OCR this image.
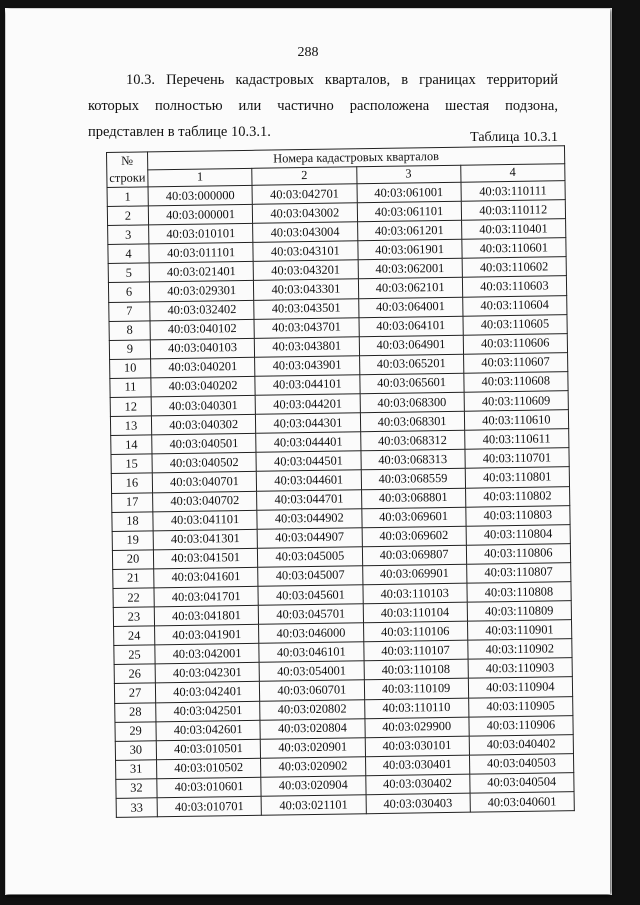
288
10.3. Перечень кадастровых кварталов, в границах территорий которых полностью или частично расположена шестая подзона, представлен в таблице 10.3.1.	Таблица 10.3.1
№
строки	Номера кадастровых кварталов			
	1	2	3	4
1	40:03:000000	40:03:042701	40:03:061001	40:03:110111
2	40:03:000001	40:03:043002	40:03:061101	40:03:110112
3	40:03:010101	40:03:043004	40:03:061201	40:03:110401
4	40:03:011101	40:03:043101	40:03:061901	40:03:110601
5	40:03:021401	40:03:043201	40:03:062001	40:03:110602
6	40:03:029301	40:03:043301	40:03:062101	40:03:110603
7	40:03:032402	40:03:043501	40:03:064001	40:03:110604
8	40:03:040102	40:03:043701	40:03:064101	40:03:110605
9	40:03:040103	40:03:043801	40:03:064901	40:03:110606
10	40:03:040201	40:03:043901	40:03:065201	40:03:110607
11	40:03:040202	40:03:044101	40:03:065601	40:03:110608
12	40:03:040301	40:03:044201	40:03:068300	40:03:110609
13	40:03:040302	40:03:044301	40:03:068301	40:03:110610
14	40:03:040501	40:03:044401	40:03:068312	40:03:110611
15	40:03:040502	40:03:044501	40:03:068313	40:03:110701
16	40:03:040701	40:03:044601	40:03:068559	40:03:110801
17	40:03:040702	40:03:044701	40:03:068801	40:03:110802
18	40:03:041101	40:03:044902	40:03:069601	40:03:110803
19	40:03:041301	40:03:044907	40:03:069602	40:03:110804
20	40:03:041501	40:03:045005	40:03:069807	40:03:110806
21	40:03:041601	40:03:045007	40:03:069901	40:03:110807
22	40:03:041701	40:03:045601	40:03:110103	40:03:110808
23	40:03:041801	40:03:045701	40:03:110104	40:03:110809
24	40:03:041901	40:03:046000	40:03:110106	40:03:110901
25	40:03:042001	40:03:046101	40:03:110107	40:03:110902
26	40:03:042301	40:03:054001	40:03:110108	40:03:110903
27	40:03:042401	40:03:060701	40:03:110109	40:03:110904
28	40:03:042501	40:03:020802	40:03:110110	40:03:110905
29	40:03:042601	40:03:020804	40:03:029900	40:03:110906
30	40:03:010501	40:03:020901	40:03:030101	40:03:040402
31	40:03:010502	40:03:020902	40:03:030401	40:03:040503
32	40:03:010601	40:03:020904	40:03:030402	40:03:040504
33	40:03:010701	40:03:021101	40:03:030403	40:03:040601
